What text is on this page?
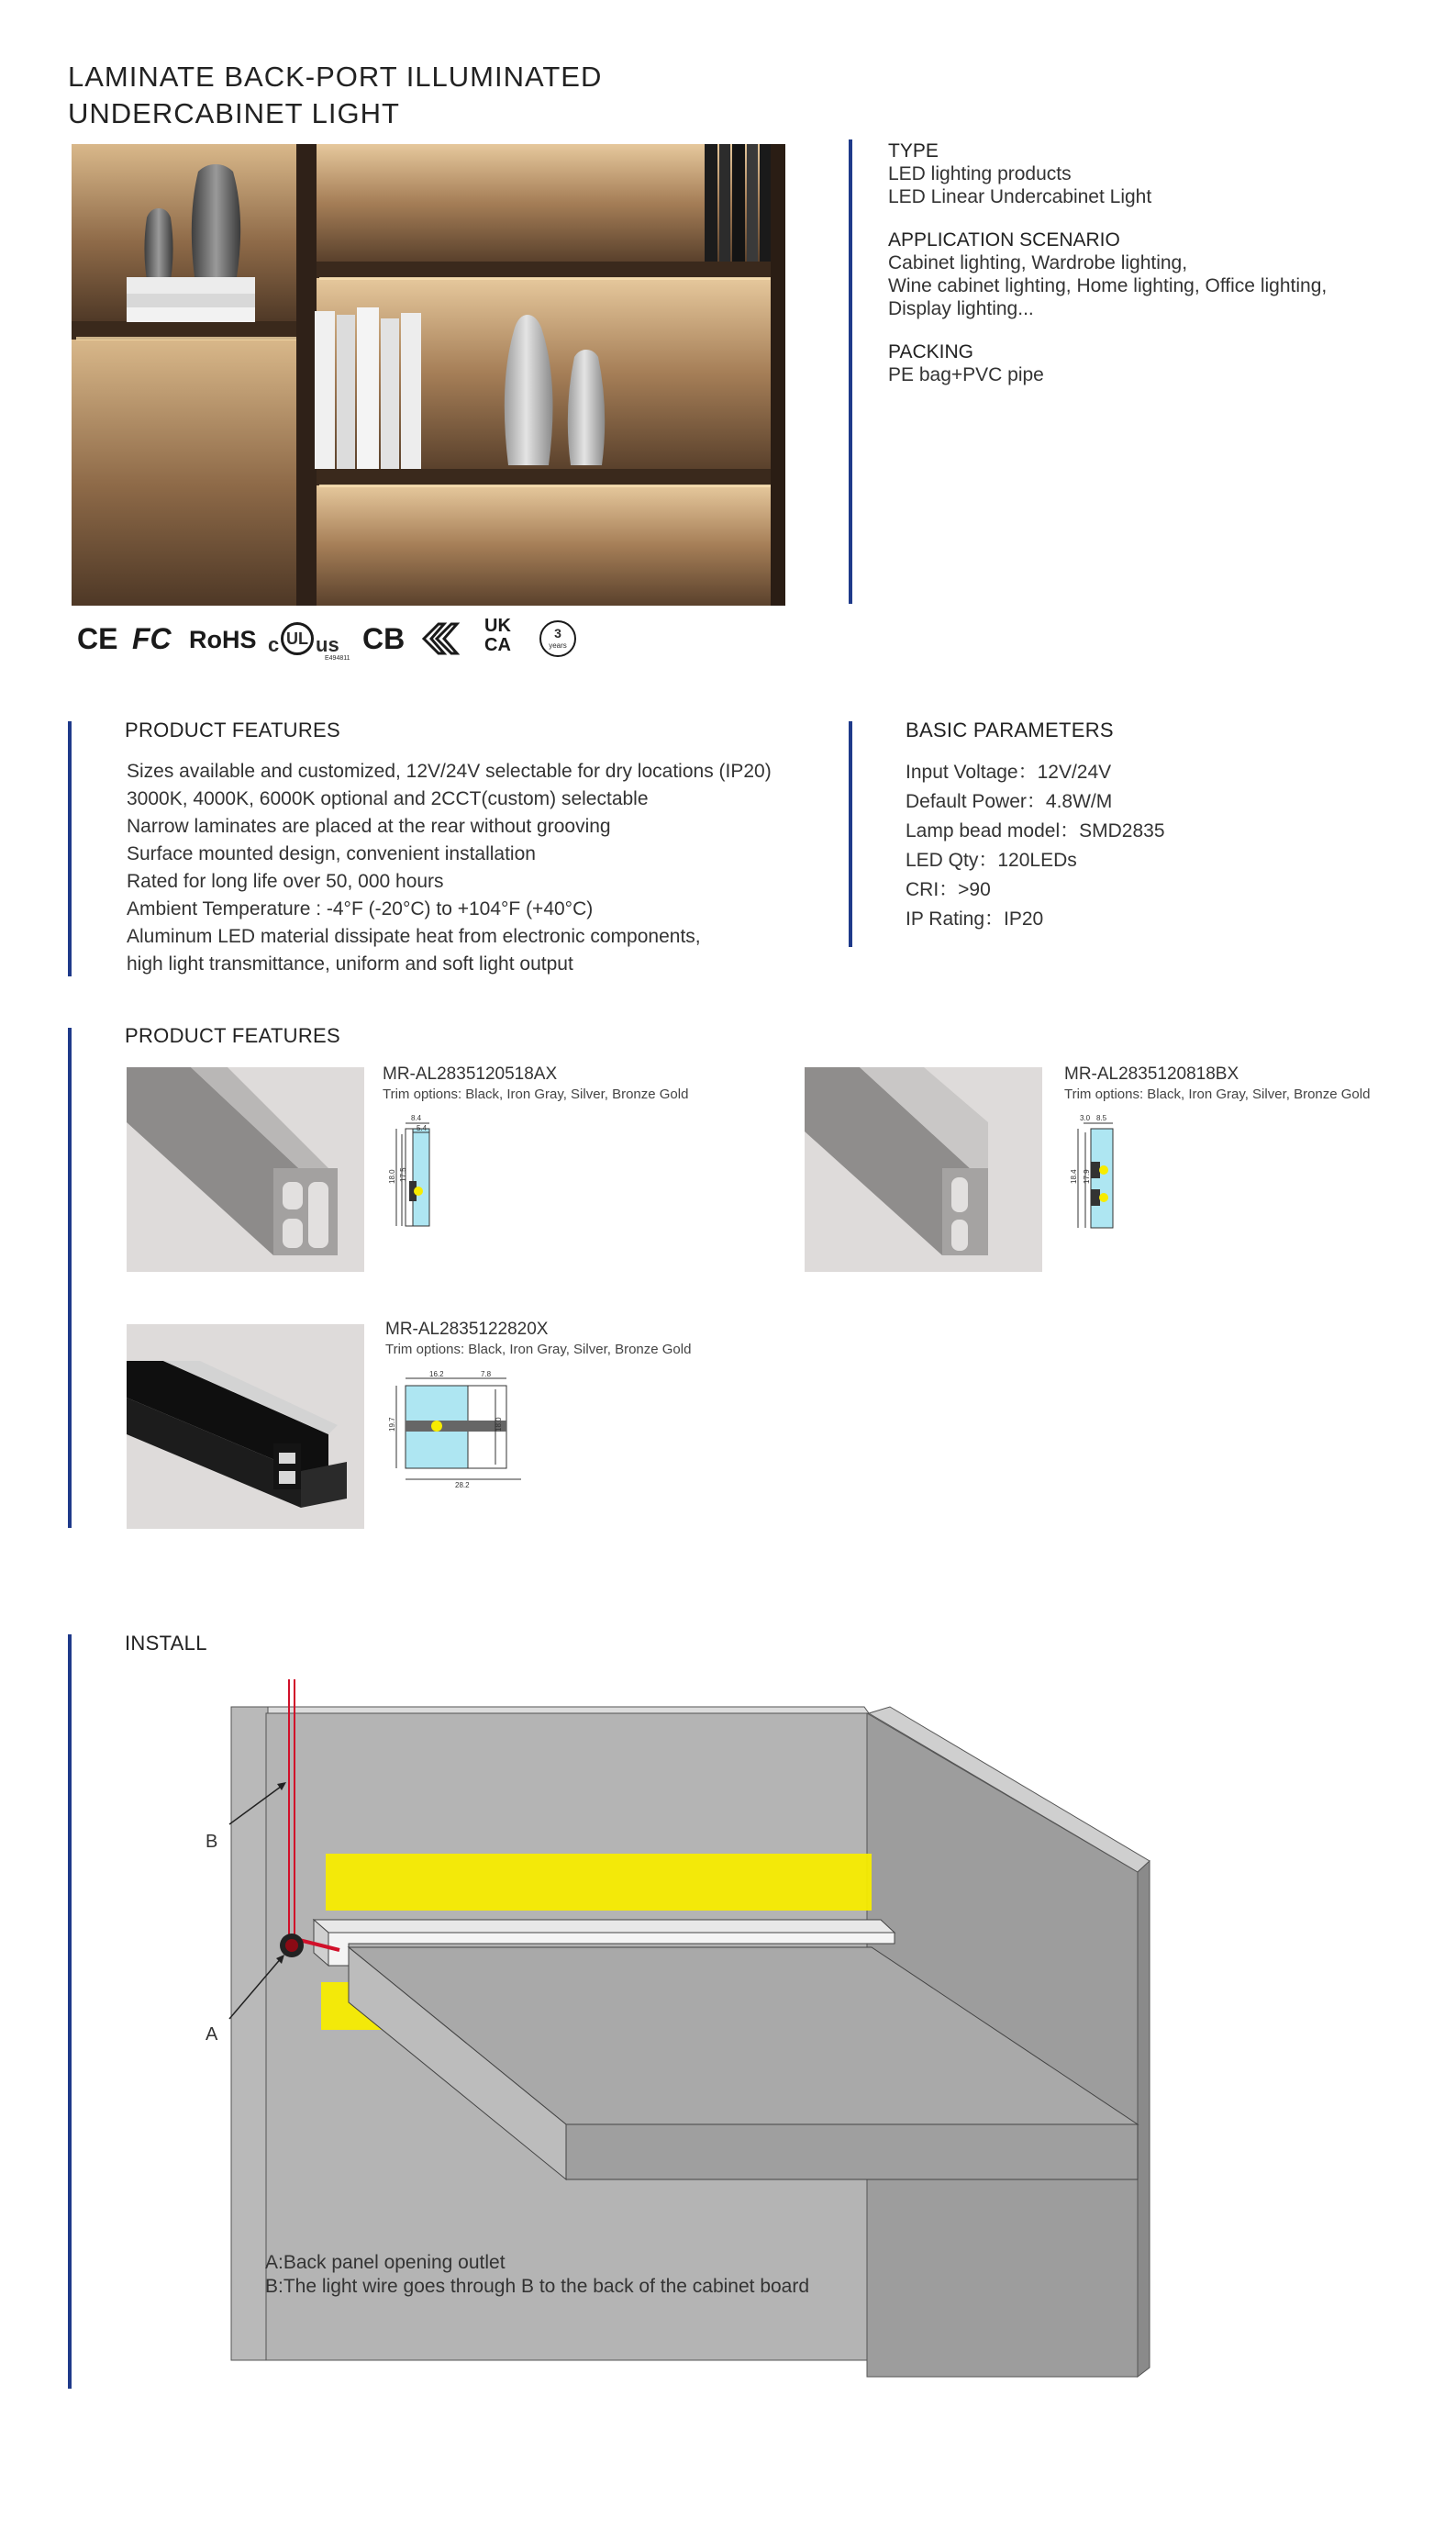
LAMINATE BACK-PORT ILLUMINATED
UNDERCABINET LIGHT
CE FC RoHS c UL us
E494811
CB	UK
CA
3
years
TYPE
LED lighting products
LED Linear Undercabinet Light
APPLICATION SCENARIO
Cabinet lighting, Wardrobe lighting,
Wine cabinet lighting, Home lighting, Office lighting,
Display lighting...
PACKING
PE bag+PVC pipe
PRODUCT FEATURES
Sizes available and customized, 12V/24V selectable for dry locations (IP20)
3000K, 4000K, 6000K optional and 2CCT(custom) selectable
Narrow laminates are placed at the rear without grooving
Surface mounted design, convenient installation
Rated for long life over 50, 000 hours
Ambient Temperature : -4°F (-20°C) to +104°F (+40°C)
Aluminum LED material dissipate heat from electronic components,
high light transmittance, uniform and soft light output
BASIC PARAMETERS
Input Voltage：12V/24V
Default Power：4.8W/M
Lamp bead model：SMD2835
LED Qty：120LEDs
CRI：>90
IP Rating：IP20
PRODUCT FEATURES
MR-AL2835120518AX
Trim options: Black, Iron Gray, Silver, Bronze Gold
8.4
5.4
18.0 17.5
MR-AL2835120818BX
Trim options: Black, Iron Gray, Silver, Bronze Gold
3.0 8.5
18.4 17.9
MR-AL2835122820X
Trim options: Black, Iron Gray, Silver, Bronze Gold
16.2	7.8
19.7	18.0
28.2
INSTALL
B
A
A:Back panel opening outlet
B:The light wire goes through B to the back of the cabinet board
